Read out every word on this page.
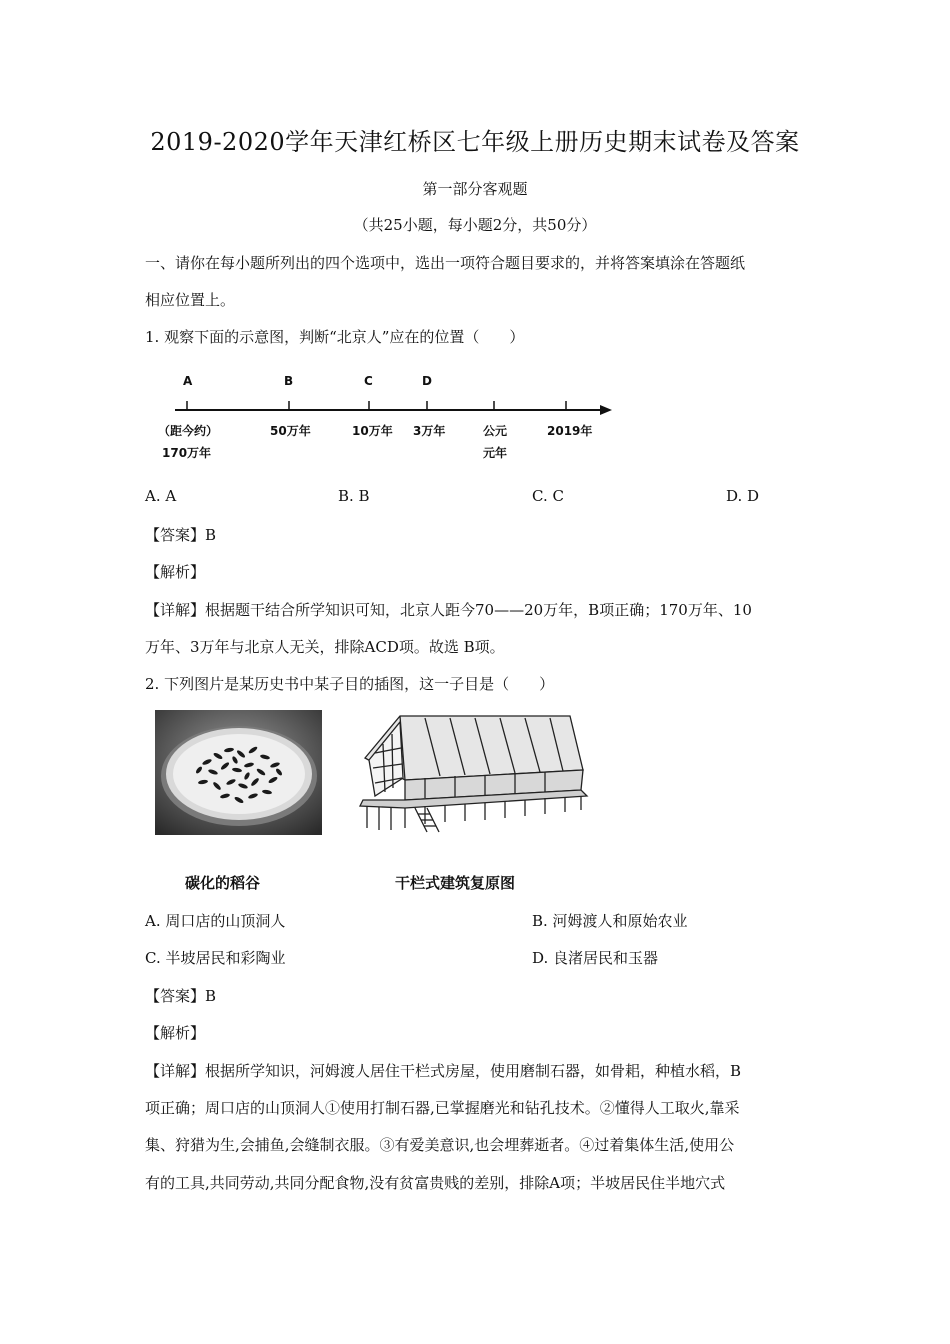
2019-2020学年天津红桥区七年级上册历史期末试卷及答案
第一部分客观题
（共25小题，每小题2分，共50分）
一、请你在每小题所列出的四个选项中，选出一项符合题目要求的，并将答案填涂在答题纸
相应位置上。
1. 观察下面的示意图，判断“北京人”应在的位置（　　）
A	B	C	D
（距今约）
170万年
50万年	10万年 3万年	公元
元年
2019年
A. A	B. B	C. C	D. D
【答案】B
【解析】
【详解】根据题干结合所学知识可知，北京人距今70——20万年，B项正确；170万年、10
万年、3万年与北京人无关，排除ACD项。故选 B项。
2. 下列图片是某历史书中某子目的插图，这一子目是（　　）
碳化的稻谷	干栏式建筑复原图
A. 周口店的山顶洞人	B. 河姆渡人和原始农业
C. 半坡居民和彩陶业	D. 良渚居民和玉器
【答案】B
【解析】
【详解】根据所学知识，河姆渡人居住干栏式房屋，使用磨制石器，如骨耜，种植水稻，B
项正确；周口店的山顶洞人①使用打制石器,已掌握磨光和钻孔技术。②懂得人工取火,靠采
集、狩猎为生,会捕鱼,会缝制衣服。③有爱美意识,也会埋葬逝者。④过着集体生活,使用公
有的工具,共同劳动,共同分配食物,没有贫富贵贱的差别，排除A项；半坡居民住半地穴式
